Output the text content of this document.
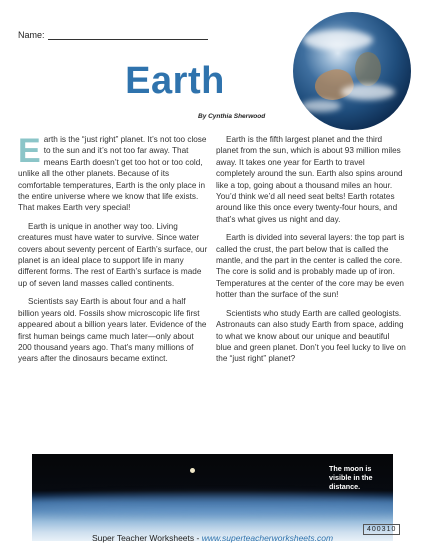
Name:
Earth
By Cynthia Sherwood

Earth is the “just right” planet. It’s not too close to the sun and it’s not too far away. That means Earth doesn’t get too hot or too cold, unlike all the other planets. Because of its comfortable temperatures, Earth is the only place in the entire universe where we know that life exists. That makes Earth very special!

Earth is unique in another way too. Living creatures must have water to survive. Since water covers about seventy percent of Earth’s surface, our planet is an ideal place to support life in many different forms. The rest of Earth’s surface is made up of seven land masses called continents.

Scientists say Earth is about four and a half billion years old. Fossils show microscopic life first appeared about a billion years later. Evidence of the first human beings came much later—only about 200 thousand years ago. That’s many millions of years after the dinosaurs became extinct.

Earth is the fifth largest planet and the third planet from the sun, which is about 93 million miles away. It takes one year for Earth to travel completely around the sun. Earth also spins around like a top, going about a thousand miles an hour. You’d think we’d all need seat belts! Earth rotates around like this once every twenty-four hours, and that’s what gives us night and day.

Earth is divided into several layers: the top part is called the crust, the part below that is called the mantle, and the part in the center is called the core. The core is solid and is probably made up of iron. Temperatures at the center of the core may be even hotter than the surface of the sun!

Scientists who study Earth are called geologists. Astronauts can also study Earth from space, adding to what we know about our unique and beautiful blue and green planet. Don’t you feel lucky to live on the “just right” planet?

The moon is visible in the distance.
400310
Super Teacher Worksheets - www.superteacherworksheets.com
